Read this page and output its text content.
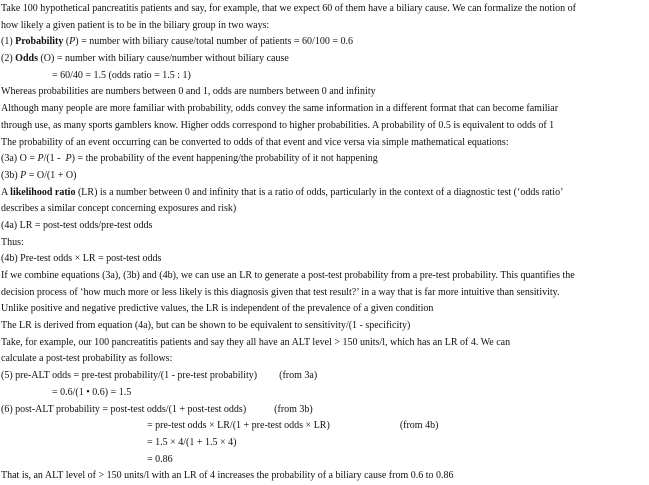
Take 100 hypothetical pancreatitis patients and say, for example, that we expect 60 of them have a biliary cause. We can formalize the notion of
how likely a given patient is to be in the biliary group in two ways:
(1) Probability (P) = number with biliary cause/total number of patients = 60/100 = 0.6
(2) Odds (O) = number with biliary cause/number without biliary cause
= 60/40 = 1.5 (odds ratio = 1.5 : 1)
Whereas probabilities are numbers between 0 and 1, odds are numbers between 0 and infinity
Although many people are more familiar with probability, odds convey the same information in a different format that can become familiar
through use, as many sports gamblers know. Higher odds correspond to higher probabilities. A probability of 0.5 is equivalent to odds of 1
The probability of an event occurring can be converted to odds of that event and vice versa via simple mathematical equations:
(3a) O = P/(1 - P) = the probability of the event happening/the probability of it not happening
(3b) P = O/(1 + O)
A likelihood ratio (LR) is a number between 0 and infinity that is a ratio of odds, particularly in the context of a diagnostic test (‘odds ratio’
describes a similar concept concerning exposures and risk)
(4a) LR = post-test odds/pre-test odds
Thus:
(4b) Pre-test odds × LR = post-test odds
If we combine equations (3a), (3b) and (4b), we can use an LR to generate a post-test probability from a pre-test probability. This quantifies the
decision process of ‘how much more or less likely is this diagnosis given that test result?’ in a way that is far more intuitive than sensitivity.
Unlike positive and negative predictive values, the LR is independent of the prevalence of a given condition
The LR is derived from equation (4a), but can be shown to be equivalent to sensitivity/(1 - specificity)
Take, for example, our 100 pancreatitis patients and say they all have an ALT level > 150 units/l, which has an LR of 4. We can
calculate a post-test probability as follows:
(5) pre-ALT odds = pre-test probability/(1 - pre-test probability) (from 3a)
= 0.6/(1 • 0.6) = 1.5
(6) post-ALT probability = post-test odds/(1 + post-test odds)	(from 3b)
= pre-test odds × LR/(1 + pre-test odds × LR)	(from 4b)
= 1.5 × 4/(1 + 1.5 × 4)
= 0.86
That is, an ALT level of > 150 units/l with an LR of 4 increases the probability of a biliary cause from 0.6 to 0.86
